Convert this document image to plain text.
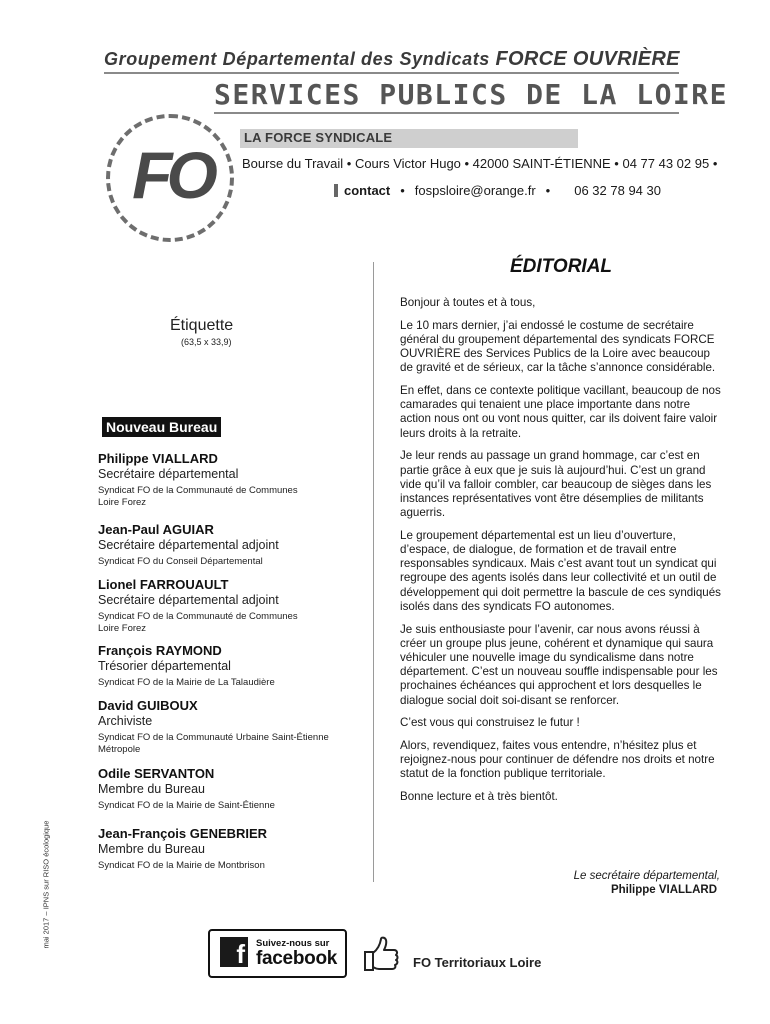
Groupement Départemental des Syndicats FORCE OUVRIÈRE
SERVICES PUBLICS DE LA LOIRE
FO
LA FORCE SYNDICALE
Bourse du Travail • Cours Victor Hugo • 42000 SAINT-ÉTIENNE • 04 77 43 02 95 •
contact • fospsloire@orange.fr • 06 32 78 94 30
Étiquette
(63,5 x 33,9)
Nouveau Bureau
Philippe VIALLARD
Secrétaire départemental
Syndicat FO de la Communauté de Communes Loire Forez
Jean-Paul AGUIAR
Secrétaire départemental adjoint
Syndicat FO du Conseil Départemental
Lionel FARROUAULT
Secrétaire départemental adjoint
Syndicat FO de la Communauté de Communes Loire Forez
François RAYMOND
Trésorier départemental
Syndicat FO de la Mairie de La Talaudière
David GUIBOUX
Archiviste
Syndicat FO de la Communauté Urbaine Saint-Étienne Métropole
Odile SERVANTON
Membre du Bureau
Syndicat FO de la Mairie de Saint-Étienne
Jean-François GENEBRIER
Membre du Bureau
Syndicat FO de la Mairie de Montbrison
ÉDITORIAL

Bonjour à toutes et à tous,

Le 10 mars dernier, j’ai endossé le costume de secrétaire général du groupement départemental des syndicats FORCE OUVRIÈRE des Services Publics de la Loire avec beaucoup de gravité et de sérieux, car la tâche s’annonce considérable.

En effet, dans ce contexte politique vacillant, beaucoup de nos camarades qui tenaient une place importante dans notre action nous ont ou vont nous quitter, car ils doivent faire valoir leurs droits à la retraite.

Je leur rends au passage un grand hommage, car c’est en partie grâce à eux que je suis là aujourd’hui. C’est un grand vide qu’il va falloir combler, car beaucoup de sièges dans les instances représentatives vont être désemplies de militants aguerris.

Le groupement départemental est un lieu d’ouverture, d’espace, de dialogue, de formation et de travail entre responsables syndicaux. Mais c’est avant tout un syndicat qui regroupe des agents isolés dans leur collectivité et un outil de développement qui doit permettre la bascule de ces syndiqués isolés dans des syndicats FO autonomes.

Je suis enthousiaste pour l’avenir, car nous avons réussi à créer un groupe plus jeune, cohérent et dynamique qui saura véhiculer une nouvelle image du syndicalisme dans notre département. C’est un nouveau souffle indispensable pour les prochaines échéances qui approchent et lors desquelles le dialogue social doit soi-disant se renforcer.

C’est vous qui construisez le futur !

Alors, revendiquez, faites vous entendre, n’hésitez plus et rejoignez-nous pour continuer de défendre nos droits et notre statut de la fonction publique territoriale.

Bonne lecture et à très bientôt.

Le secrétaire départemental,
Philippe VIALLARD
f	Suivez-nous sur
facebook	FO Territoriaux Loire
mai 2017 – IPNS sur RISO écologique
